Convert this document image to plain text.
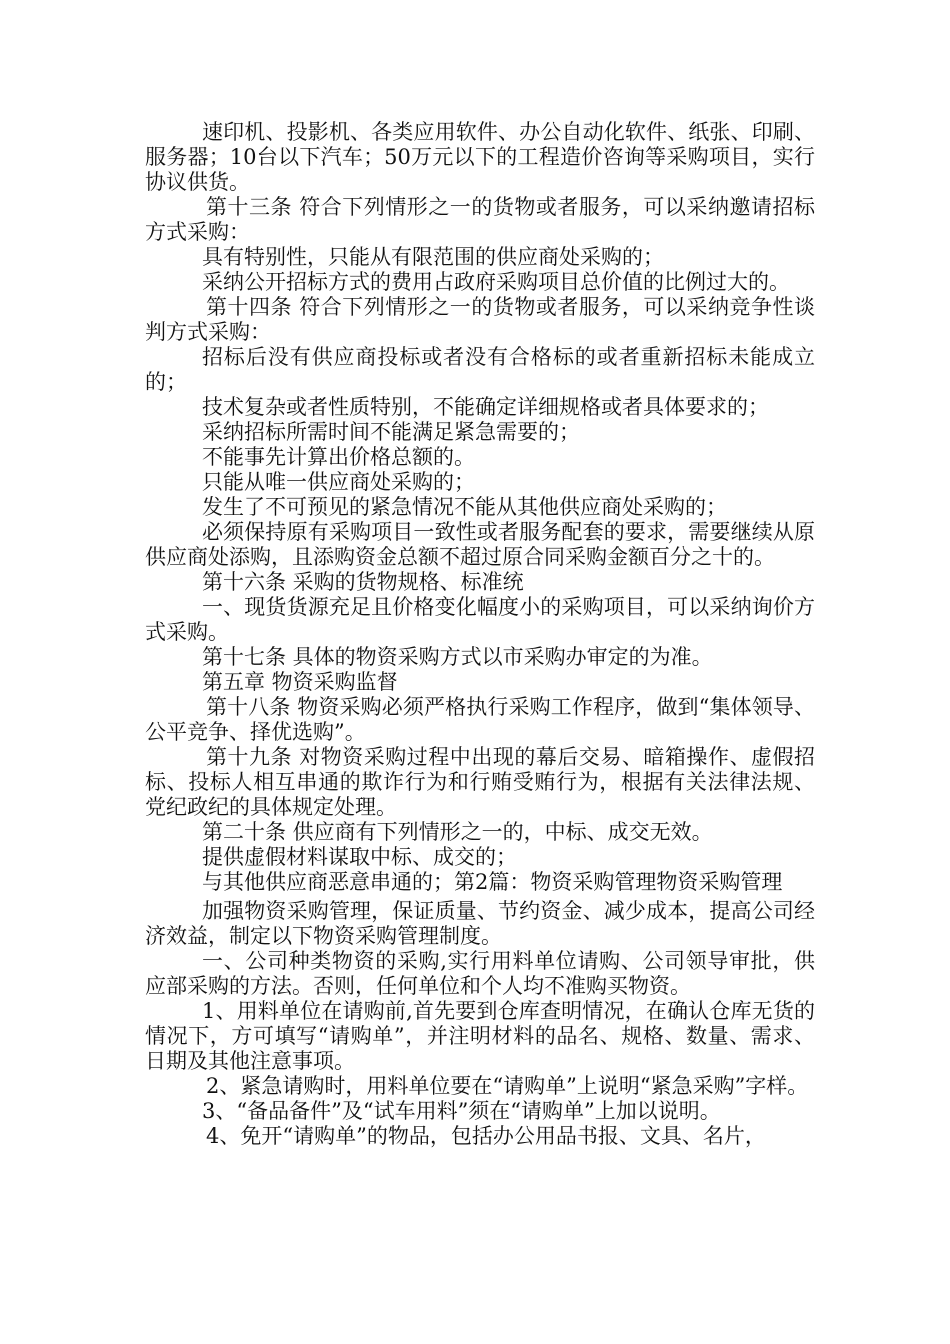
速印机、投影机、各类应用软件、办公自动化软件、纸张、印刷、服务器；10台以下汽车；50万元以下的工程造价咨询等采购项目，实行协议供货。

第十三条 符合下列情形之一的货物或者服务，可以采纳邀请招标方式采购：

具有特别性，只能从有限范围的供应商处采购的；

采纳公开招标方式的费用占政府采购项目总价值的比例过大的。

第十四条 符合下列情形之一的货物或者服务，可以采纳竞争性谈判方式采购：

招标后没有供应商投标或者没有合格标的或者重新招标未能成立的；

技术复杂或者性质特别，不能确定详细规格或者具体要求的；

采纳招标所需时间不能满足紧急需要的；

不能事先计算出价格总额的。

只能从唯一供应商处采购的；

发生了不可预见的紧急情况不能从其他供应商处采购的；

必须保持原有采购项目一致性或者服务配套的要求，需要继续从原供应商处添购，且添购资金总额不超过原合同采购金额百分之十的。

第十六条 采购的货物规格、标准统

一、现货货源充足且价格变化幅度小的采购项目，可以采纳询价方式采购。

第十七条 具体的物资采购方式以市采购办审定的为准。

第五章 物资采购监督

第十八条 物资采购必须严格执行采购工作程序，做到“集体领导、公平竞争、择优选购”。

第十九条 对物资采购过程中出现的幕后交易、暗箱操作、虚假招标、投标人相互串通的欺诈行为和行贿受贿行为，根据有关法律法规、党纪政纪的具体规定处理。

第二十条 供应商有下列情形之一的，中标、成交无效。

提供虚假材料谋取中标、成交的；

与其他供应商恶意串通的；第2篇：物资采购管理物资采购管理

加强物资采购管理，保证质量、节约资金、减少成本，提高公司经济效益，制定以下物资采购管理制度。

一、公司种类物资的采购,实行用料单位请购、公司领导审批，供应部采购的方法。否则，任何单位和个人均不准购买物资。

1、用料单位在请购前,首先要到仓库查明情况，在确认仓库无货的情况下，方可填写“请购单”，并注明材料的品名、规格、数量、需求、日期及其他注意事项。

2、紧急请购时，用料单位要在“请购单”上说明“紧急采购”字样。

3、“备品备件”及“试车用料”须在“请购单”上加以说明。

4、免开“请购单”的物品，包括办公用品书报、文具、名片，
